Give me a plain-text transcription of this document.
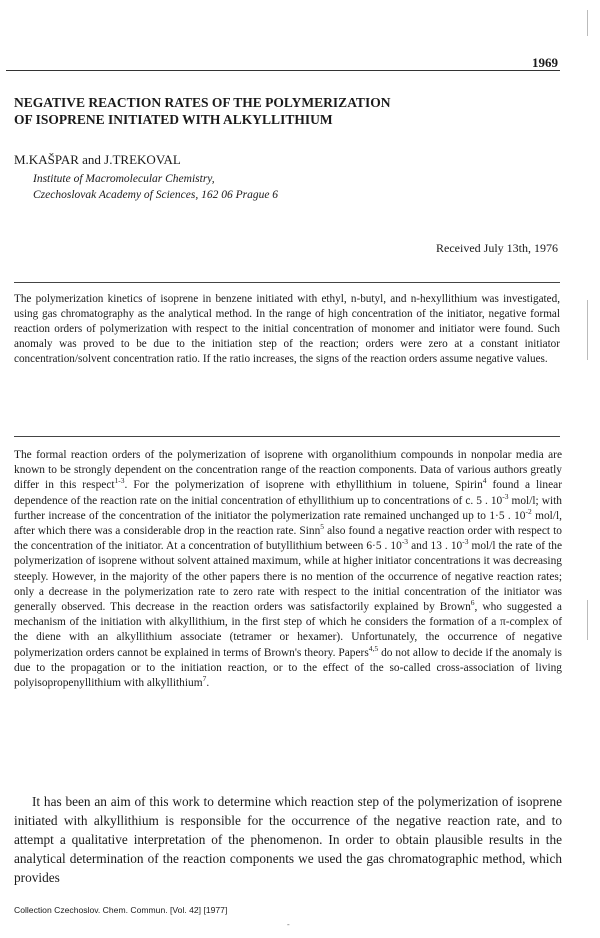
1969
NEGATIVE REACTION RATES OF THE POLYMERIZATION
OF ISOPRENE INITIATED WITH ALKYLLITHIUM
M.KAŠPAR and J.TREKOVAL
Institute of Macromolecular Chemistry,
Czechoslovak Academy of Sciences, 162 06 Prague 6
Received July 13th, 1976
The polymerization kinetics of isoprene in benzene initiated with ethyl, n-butyl, and n-hexyllithium was investigated, using gas chromatography as the analytical method. In the range of high concentration of the initiator, negative formal reaction orders of polymerization with respect to the initial concentration of monomer and initiator were found. Such anomaly was proved to be due to the initiation step of the reaction; orders were zero at a constant initiator concentration/solvent concentration ratio. If the ratio increases, the signs of the reaction orders assume negative values.
The formal reaction orders of the polymerization of isoprene with organolithium compounds in nonpolar media are known to be strongly dependent on the concentration range of the reaction components. Data of various authors greatly differ in this respect$^{1-3}$. For the polymerization of isoprene with ethyllithium in toluene, Spirin$^4$ found a linear dependence of the reaction rate on the initial concentration of ethyllithium up to concentrations of c. 5 . $10^{-3}$ mol/l; with further increase of the concentration of the initiator the polymerization rate remained unchanged up to 1·5 . $10^{-2}$ mol/l, after which there was a considerable drop in the reaction rate. Sinn$^5$ also found a negative reaction order with respect to the concentration of the initiator. At a concentration of butyllithium between 6·5 . $10^{-3}$ and 13 . $10^{-3}$ mol/l the rate of the polymerization of isoprene without solvent attained maximum, while at higher initiator concentrations it was decreasing steeply. However, in the majority of the other papers there is no mention of the occurrence of negative reaction rates; only a decrease in the polymerization rate to zero rate with respect to the initial concentration of the initiator was generally observed. This decrease in the reaction orders was satisfactorily explained by Brown$^6$, who suggested a mechanism of the initiation with alkyllithium, in the first step of which he considers the formation of a π-complex of the diene with an alkyllithium associate (tetramer or hexamer). Unfortunately, the occurrence of negative polymerization orders cannot be explained in terms of Brown's theory. Papers$^{4,5}$ do not allow to decide if the anomaly is due to the propagation or to the initiation reaction, or to the effect of the so-called cross-association of living polyisopropenyllithium with alkyllithium$^7$.
It has been an aim of this work to determine which reaction step of the polymerization of isoprene initiated with alkyllithium is responsible for the occurrence of the negative reaction rate, and to attempt a qualitative interpretation of the phenomenon. In order to obtain plausible results in the analytical determination of the reaction components we used the gas chromatographic method, which provides
Collection Czechoslov. Chem. Commun. [Vol. 42] [1977]
-
